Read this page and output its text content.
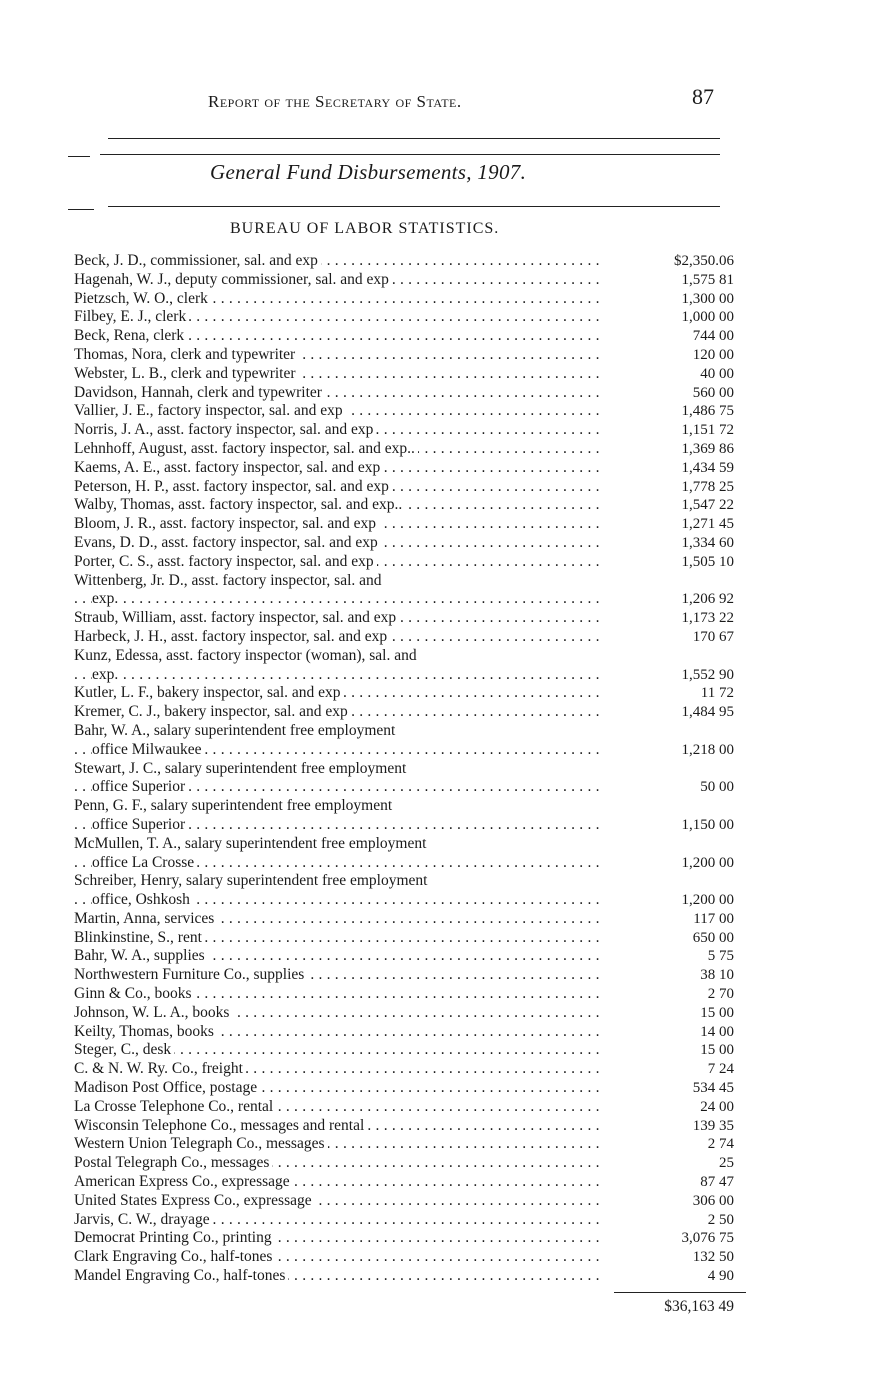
Report of the Secretary of State.	87
General Fund Disbursements, 1907.
BUREAU OF LABOR STATISTICS.
Beck, J. D., commissioner, sal. and exp . . .	$2,350.06
Hagenah, W. J., deputy commissioner, sal. and exp . . .	1,575 81
Pietzsch, W. O., clerk . . .	1,300 00
Filbey, E. J., clerk . . .	1,000 00
Beck, Rena, clerk . . .	744 00
Thomas, Nora, clerk and typewriter . . .	120 00
Webster, L. B., clerk and typewriter . . .	40 00
Davidson, Hannah, clerk and typewriter . . .	560 00
Vallier, J. E., factory inspector, sal. and exp . . .	1,486 75
Norris, J. A., asst. factory inspector, sal. and exp . . .	1,151 72
Lehnhoff, August, asst. factory inspector, sal. and exp.. . . .	1,369 86
Kaems, A. E., asst. factory inspector, sal. and exp . . .	1,434 59
Peterson, H. P., asst. factory inspector, sal. and exp . . .	1,778 25
Walby, Thomas, asst. factory inspector, sal. and exp.. . . .	1,547 22
Bloom, J. R., asst. factory inspector, sal. and exp . . .	1,271 45
Evans, D. D., asst. factory inspector, sal. and exp . . .	1,334 60
Porter, C. S., asst. factory inspector, sal. and exp . . .	1,505 10
Wittenberg, Jr. D., asst. factory inspector, sal. and
exp. . . .	1,206 92
Straub, William, asst. factory inspector, sal. and exp . . .	1,173 22
Harbeck, J. H., asst. factory inspector, sal. and exp . . .	170 67
Kunz, Edessa, asst. factory inspector (woman), sal. and
exp. . . .	1,552 90
Kutler, L. F., bakery inspector, sal. and exp . . .	11 72
Kremer, C. J., bakery inspector, sal. and exp . . .	1,484 95
Bahr, W. A., salary superintendent free employment
office Milwaukee . . .	1,218 00
Stewart, J. C., salary superintendent free employment
office Superior . . .	50 00
Penn, G. F., salary superintendent free employment
office Superior . . .	1,150 00
McMullen, T. A., salary superintendent free employment
office La Crosse . . .	1,200 00
Schreiber, Henry, salary superintendent free employment
office, Oshkosh . . .	1,200 00
Martin, Anna, services . . .	117 00
Blinkinstine, S., rent . . .	650 00
Bahr, W. A., supplies . . .	5 75
Northwestern Furniture Co., supplies . . .	38 10
Ginn & Co., books . . .	2 70
Johnson, W. L. A., books . . .	15 00
Keilty, Thomas, books . . .	14 00
Steger, C., desk . . .	15 00
C. & N. W. Ry. Co., freight . . .	7 24
Madison Post Office, postage . . .	534 45
La Crosse Telephone Co., rental . . .	24 00
Wisconsin Telephone Co., messages and rental . . .	139 35
Western Union Telegraph Co., messages . . .	2 74
Postal Telegraph Co., messages . . .	25
American Express Co., expressage . . .	87 47
United States Express Co., expressage . . .	306 00
Jarvis, C. W., drayage . . .	2 50
Democrat Printing Co., printing . . .	3,076 75
Clark Engraving Co., half-tones . . .	132 50
Mandel Engraving Co., half-tones . . .	4 90
$36,163 49
